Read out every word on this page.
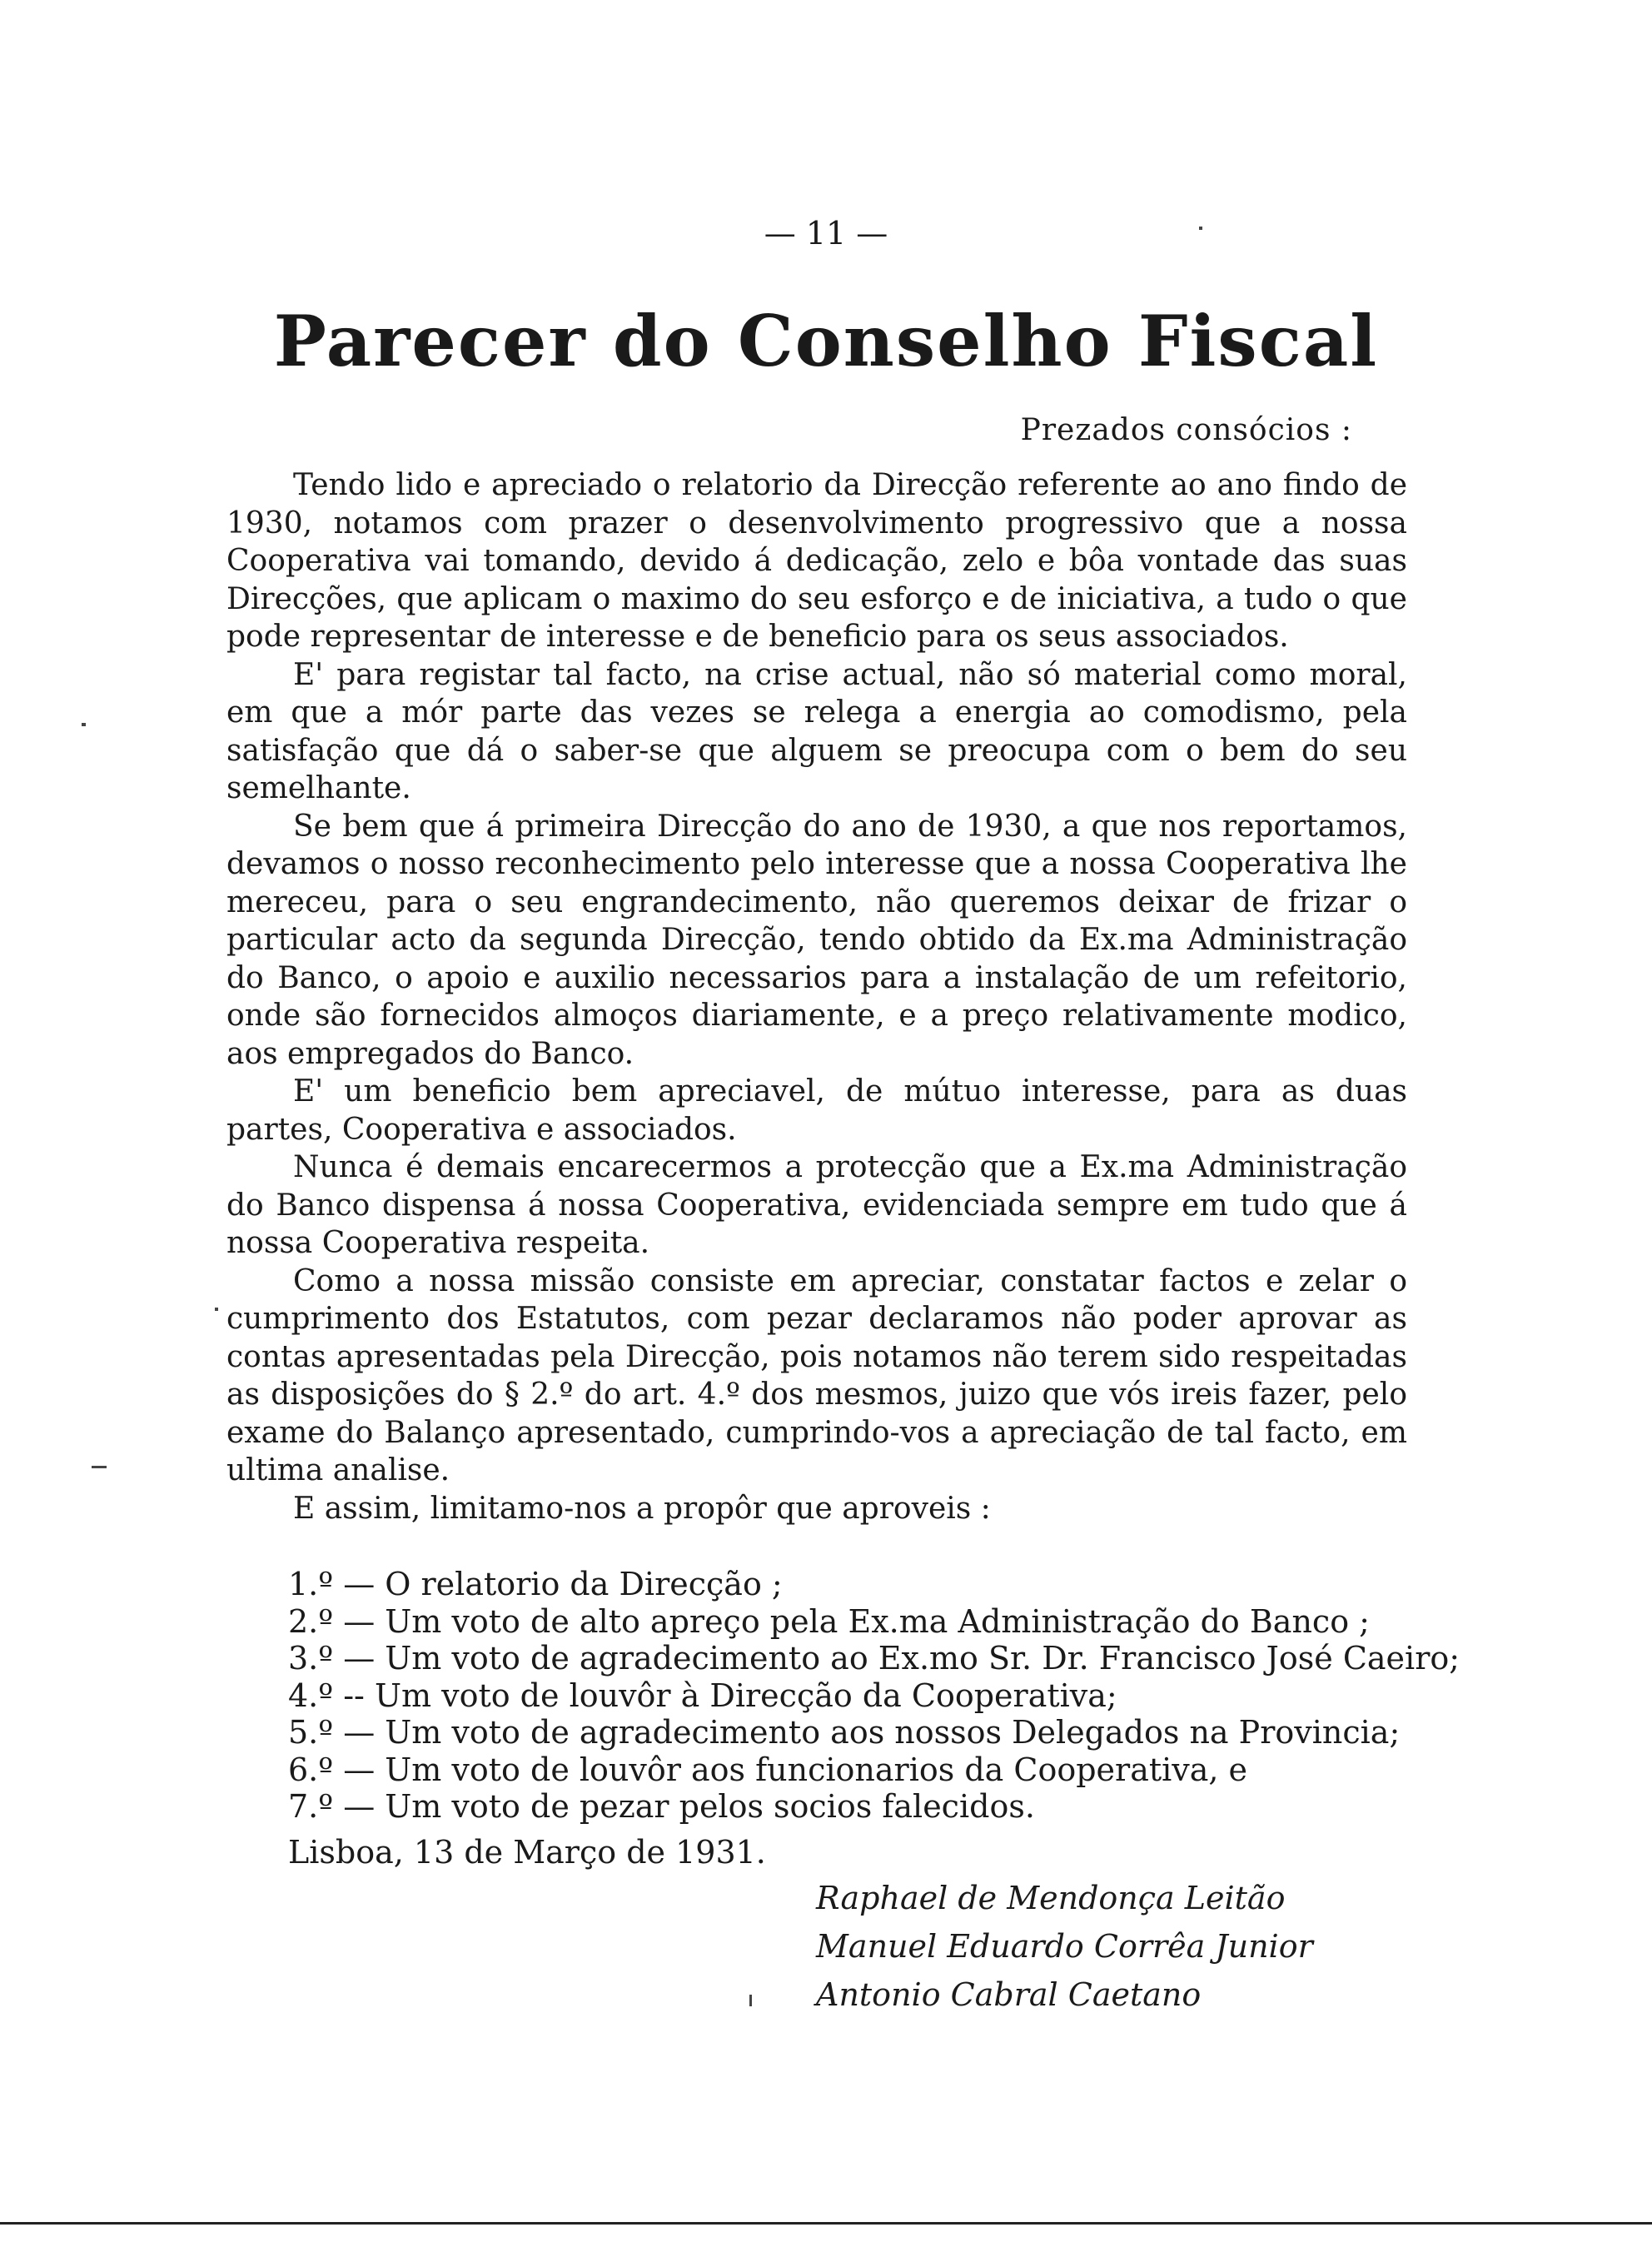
— 11 —
Parecer do Conselho Fiscal
Prezados consócios :

Tendo lido e apreciado o relatorio da Direcção referente ao ano findo de 1930, notamos com prazer o desenvolvimento progressivo que a nossa Cooperativa vai tomando, devido á dedicação, zelo e bôa vontade das suas Direcções, que aplicam o maximo do seu esforço e de iniciativa, a tudo o que pode representar de interesse e de beneficio para os seus associados.

E' para registar tal facto, na crise actual, não só material como moral, em que a mór parte das vezes se relega a energia ao comodismo, pela satisfação que dá o saber-se que alguem se preocupa com o bem do seu semelhante.

Se bem que á primeira Direcção do ano de 1930, a que nos reportamos, devamos o nosso reconhecimento pelo interesse que a nossa Cooperativa lhe mereceu, para o seu engrandecimento, não queremos deixar de frizar o particular acto da segunda Direcção, tendo obtido da Ex.ma Administração do Banco, o apoio e auxilio necessarios para a instalação de um refeitorio, onde são fornecidos almoços diariamente, e a preço relativamente modico, aos empregados do Banco.

E' um beneficio bem apreciavel, de mútuo interesse, para as duas partes, Cooperativa e associados.

Nunca é demais encarecermos a protecção que a Ex.ma Administração do Banco dispensa á nossa Cooperativa, evidenciada sempre em tudo que á nossa Cooperativa respeita.

Como a nossa missão consiste em apreciar, constatar factos e zelar o cumprimento dos Estatutos, com pezar declaramos não poder aprovar as contas apresentadas pela Direcção, pois notamos não terem sido respeitadas as disposições do § 2.º do art. 4.º dos mesmos, juizo que vós ireis fazer, pelo exame do Balanço apresentado, cumprindo-vos a apreciação de tal facto, em ultima analise.

E assim, limitamo-nos a propôr que aproveis :

1.º — O relatorio da Direcção ;
2.º — Um voto de alto apreço pela Ex.ma Administração do Banco ;
3.º — Um voto de agradecimento ao Ex.mo Sr. Dr. Francisco José Caeiro;
4.º -- Um voto de louvôr à Direcção da Cooperativa;
5.º — Um voto de agradecimento aos nossos Delegados na Provincia;
6.º — Um voto de louvôr aos funcionarios da Cooperativa, e
7.º — Um voto de pezar pelos socios falecidos.
Lisboa, 13 de Março de 1931.
Raphael de Mendonça Leitão
Manuel Eduardo Corrêa Junior
Antonio Cabral Caetano
